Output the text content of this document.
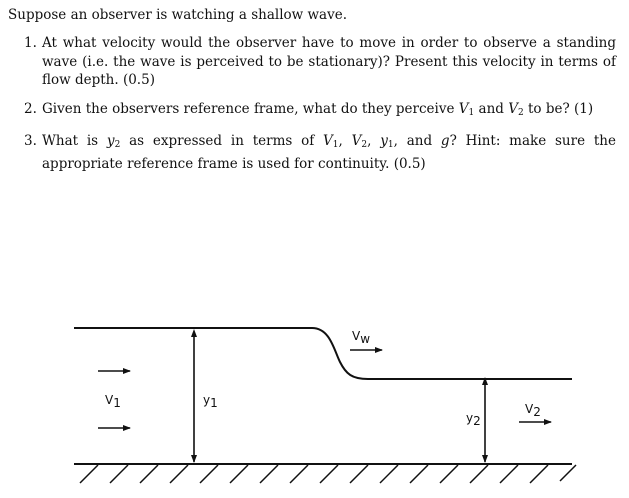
Suppose an observer is watching a shallow wave.

1. At what velocity would the observer have to move in order to observe a standing wave (i.e. the wave is perceived to be stationary)? Present this velocity in terms of flow depth. (0.5)
2. Given the observers reference frame, what do they perceive $V_1$ and $V_2$ to be? (1)
3. What is $y_2$ as expressed in terms of $V_1$, $V_2$, $y_1$, and g? Hint: make sure the appropriate reference frame is used for continuity. (0.5)
Vw
V1	y1
y2
V2
